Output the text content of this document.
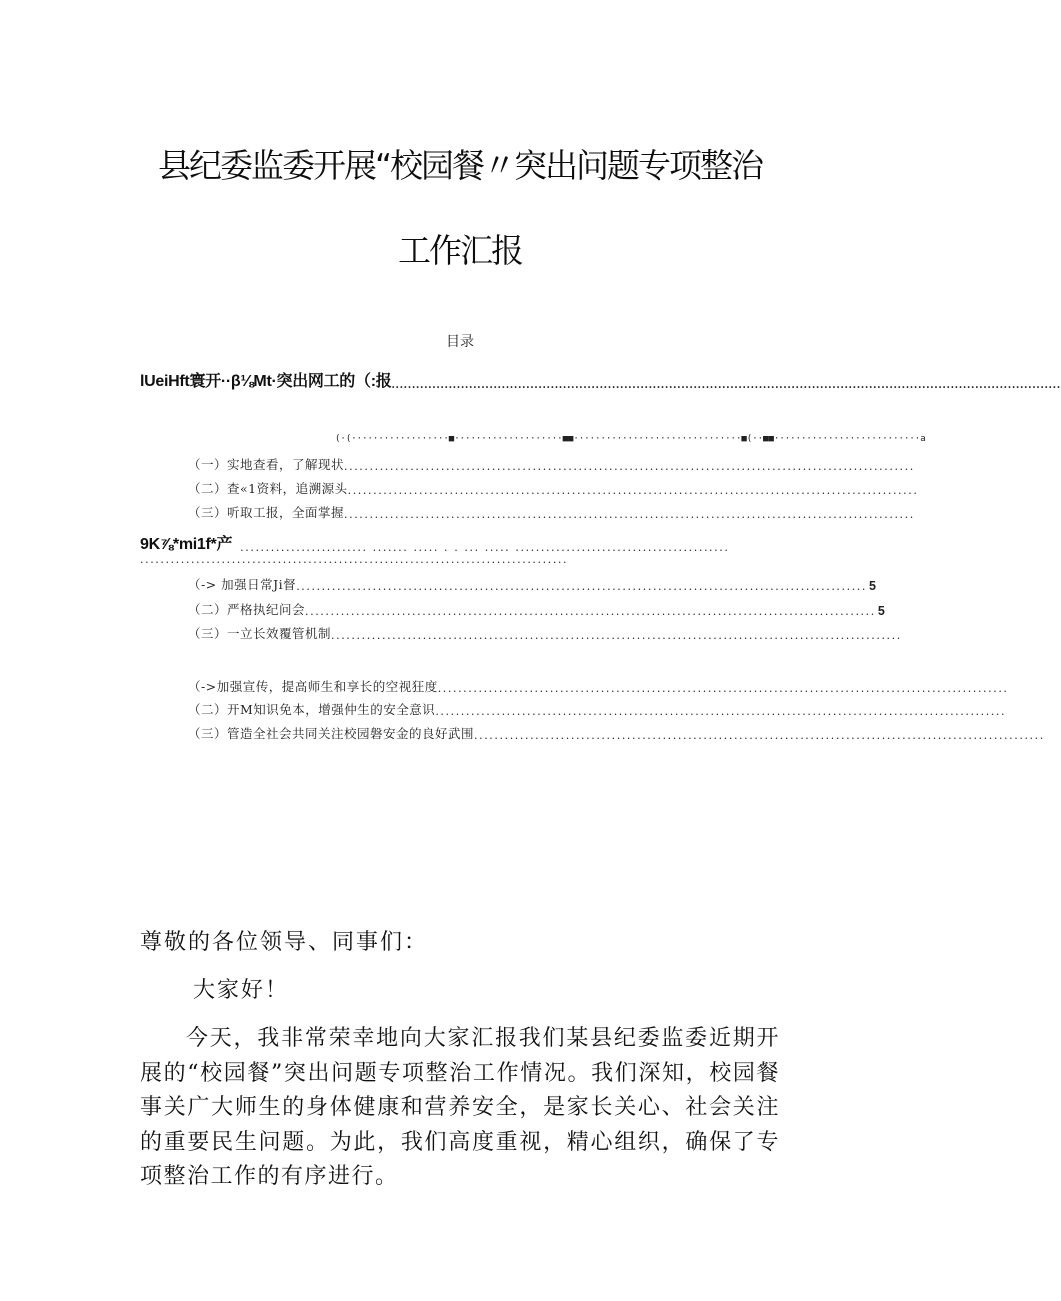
县纪委监委开展“校园餐〃突出问题专项整治
工作汇报
目录
lUeiHft寰开··β⅛Mt·突出网工的（:报 ....................................................................................................................................................................
(·(··················■····················■■·······························■(··■■···························a
（一）实地查看，了解现状 ................................................................................................................
（二）查«1资料，追溯源头 ................................................................................................................
（三）听取工报，全面掌握 ................................................................................................................
9K⅞*mi1f*产 ......................... ....... ..... . . ... ..... ..........................................
....................................................................................
（-> 加强日常Ji督 ................................................................................................................ 5
（二）严格执纪问会 ................................................................................................................ 5
（三）一立长效覆管机制 ................................................................................................................
（->加强宣传，提高师生和享长的空视狂度 ................................................................................................................
（二）开M知识免本，增强仲生的安全意识 ................................................................................................................
（三）管造全社会共同关注校园磐安金的良好武围 ................................................................................................................
尊敬的各位领导、同事们：
大家好！
今天，我非常荣幸地向大家汇报我们某县纪委监委近期开展的“校园餐”突出问题专项整治工作情况。我们深知，校园餐事关广大师生的身体健康和营养安全，是家长关心、社会关注的重要民生问题。为此，我们高度重视，精心组织，确保了专项整治工作的有序进行。
